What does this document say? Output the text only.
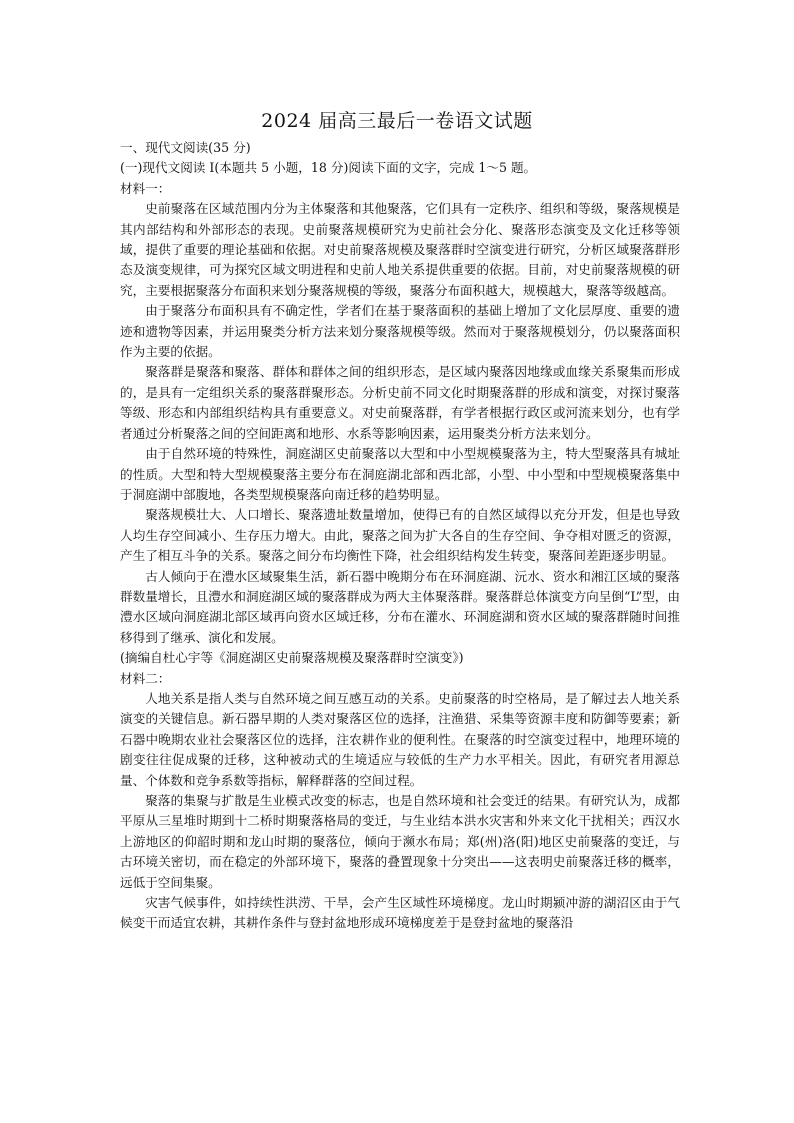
2024 届高三最后一卷语文试题

一、现代文阅读(35 分)

(一)现代文阅读 I(本题共 5 小题，18 分)阅读下面的文字，完成 1～5 题。

材料一：

史前聚落在区域范围内分为主体聚落和其他聚落，它们具有一定秩序、组织和等级，聚落规模是其内部结构和外部形态的表现。史前聚落规模研究为史前社会分化、聚落形态演变及文化迁移等领域，提供了重要的理论基础和依据。对史前聚落规模及聚落群时空演变进行研究，分析区域聚落群形态及演变规律，可为探究区域文明进程和史前人地关系提供重要的依据。目前，对史前聚落规模的研究，主要根据聚落分布面积来划分聚落规模的等级，聚落分布面积越大，规模越大，聚落等级越高。

由于聚落分布面积具有不确定性，学者们在基于聚落面积的基础上增加了文化层厚度、重要的遗迹和遗物等因素，并运用聚类分析方法来划分聚落规模等级。然而对于聚落规模划分，仍以聚落面积作为主要的依据。

聚落群是聚落和聚落、群体和群体之间的组织形态，是区域内聚落因地缘或血缘关系聚集而形成的，是具有一定组织关系的聚落群聚形态。分析史前不同文化时期聚落群的形成和演变，对探讨聚落等级、形态和内部组织结构具有重要意义。对史前聚落群，有学者根据行政区或河流来划分，也有学者通过分析聚落之间的空间距离和地形、水系等影响因素，运用聚类分析方法来划分。

由于自然环境的特殊性，洞庭湖区史前聚落以大型和中小型规模聚落为主，特大型聚落具有城址的性质。大型和特大型规模聚落主要分布在洞庭湖北部和西北部，小型、中小型和中型规模聚落集中于洞庭湖中部腹地，各类型规模聚落向南迁移的趋势明显。

聚落规模壮大、人口增长、聚落遗址数量增加，使得已有的自然区域得以充分开发，但是也导致人均生存空间减小、生存压力增大。由此，聚落之间为扩大各自的生存空间、争夺相对匮乏的资源，产生了相互斗争的关系。聚落之间分布均衡性下降，社会组织结构发生转变，聚落间差距逐步明显。

古人倾向于在澧水区域聚集生活，新石器中晚期分布在环洞庭湖、沅水、资水和湘江区域的聚落群数量增长，且澧水和洞庭湖区域的聚落群成为两大主体聚落群。聚落群总体演变方向呈倒“L”型，由澧水区域向洞庭湖北部区域再向资水区域迁移，分布在灌水、环洞庭湖和资水区域的聚落群随时间推移得到了继承、演化和发展。

(摘编自杜心宇等《洞庭湖区史前聚落规模及聚落群时空演变》)

材料二：

人地关系是指人类与自然环境之间互感互动的关系。史前聚落的时空格局，是了解过去人地关系演变的关键信息。新石器早期的人类对聚落区位的选择，注渔猎、采集等资源丰度和防御等要素；新石器中晚期农业社会聚落区位的选择，注农耕作业的便利性。在聚落的时空演变过程中，地理环境的剧变往往促成聚的迁移，这种被动式的生境适应与较低的生产力水平相关。因此，有研究者用源总量、个体数和竞争系数等指标，解释群落的空间过程。

聚落的集聚与扩散是生业模式改变的标志，也是自然环境和社会变迁的结果。有研究认为，成都平原从三星堆时期到十二桥时期聚落格局的变迁，与生业结本洪水灾害和外来文化干扰相关；西汉水上游地区的仰韶时期和龙山时期的聚落位，倾向于濒水布局；郑(州)洛(阳)地区史前聚落的变迁，与古环境关密切，而在稳定的外部环境下，聚落的叠置现象十分突出——这表明史前聚落迁移的概率，远低于空间集聚。

灾害气候事件，如持续性洪涝、干旱，会产生区域性环境梯度。龙山时期颍冲游的湖沼区由于气候变干而适宜农耕，其耕作条件与登封盆地形成环境梯度差于是登封盆地的聚落沿
